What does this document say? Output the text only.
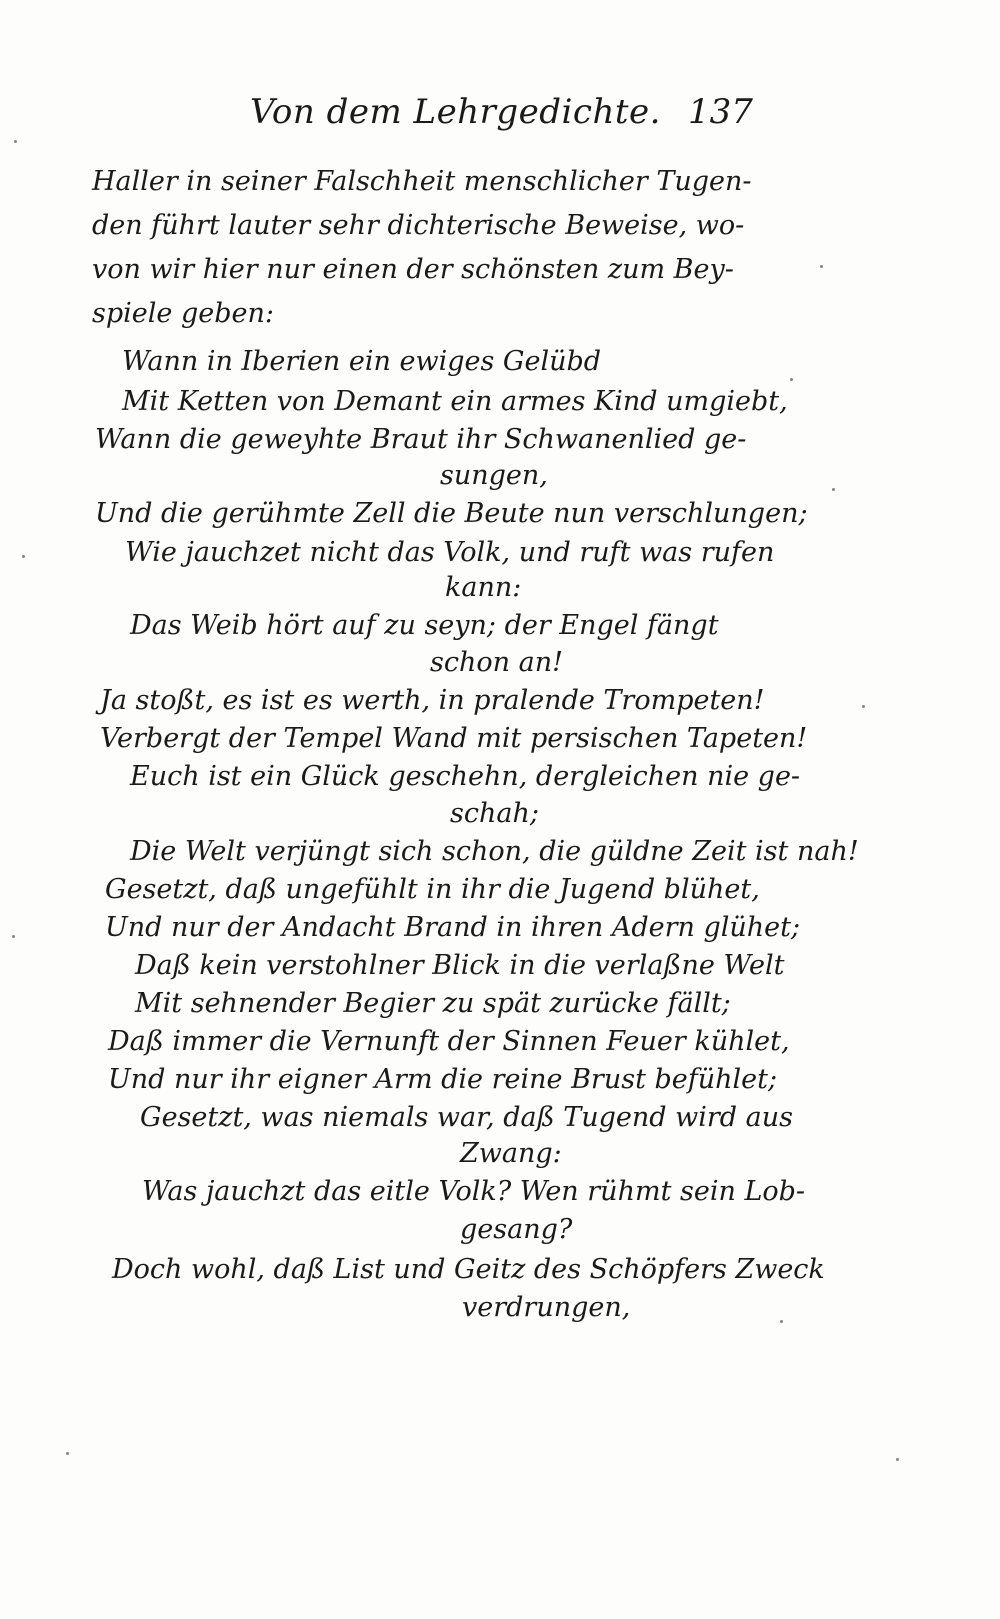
Von dem Lehrgedichte. 137
Haller in seiner Falschheit menschlicher Tugen-
den führt lauter sehr dichterische Beweise, wo-
von wir hier nur einen der schönsten zum Bey-
spiele geben:
Wann in Iberien ein ewiges Gelübd
Mit Ketten von Demant ein armes Kind umgiebt,
Wann die geweyhte Braut ihr Schwanenlied ge-
sungen,
Und die gerühmte Zell die Beute nun verschlungen;
Wie jauchzet nicht das Volk, und ruft was rufen
kann:
Das Weib hört auf zu seyn; der Engel fängt
schon an!
Ja stoßt, es ist es werth, in pralende Trompeten!
Verbergt der Tempel Wand mit persischen Tapeten!
Euch ist ein Glück geschehn, dergleichen nie ge-
schah;
Die Welt verjüngt sich schon, die güldne Zeit ist nah!
Gesetzt, daß ungefühlt in ihr die Jugend blühet,
Und nur der Andacht Brand in ihren Adern glühet;
Daß kein verstohlner Blick in die verlaßne Welt
Mit sehnender Begier zu spät zurücke fällt;
Daß immer die Vernunft der Sinnen Feuer kühlet,
Und nur ihr eigner Arm die reine Brust befühlet;
Gesetzt, was niemals war, daß Tugend wird aus
Zwang:
Was jauchzt das eitle Volk? Wen rühmt sein Lob-
gesang?
Doch wohl, daß List und Geitz des Schöpfers Zweck
verdrungen,
